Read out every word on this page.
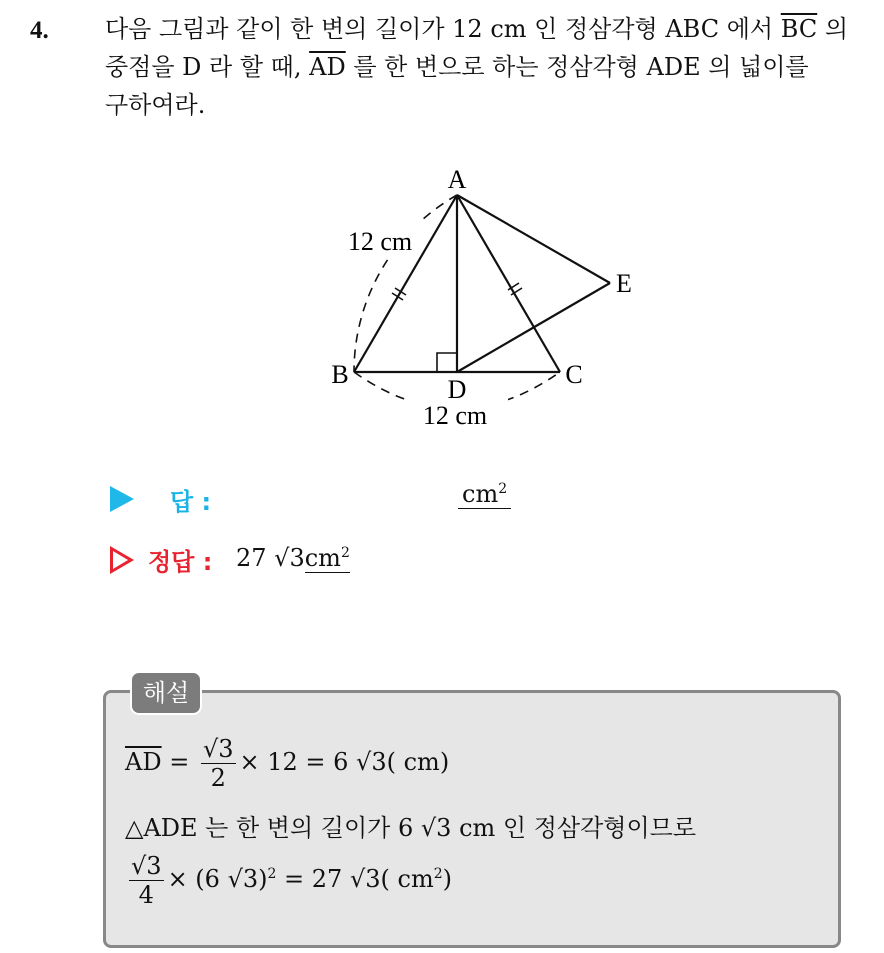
4. 다음 그림과 같이 한 변의 길이가 12 cm 인 정삼각형 ABC 에서 $\overline{BC}$ 의
중점을 D 라 할 때, $\overline{AD}$ 를 한 변으로 하는 정삼각형 ADE 의 넓이를
구하여라.
A
B	C
D
E
12 cm
12 cm
답 :	$cm^2$
정답 : 27 $√3cm^2$
해설
$\overline{AD} = \frac{√3}{2} \times 12 = 6$ √3( cm)
△ADE 는 한 변의 길이가 6 √3 cm 인 정삼각형이므로
$\frac{√3}{4} \times (6$ √3)$^2$ = 27 √3( $cm^2$)
